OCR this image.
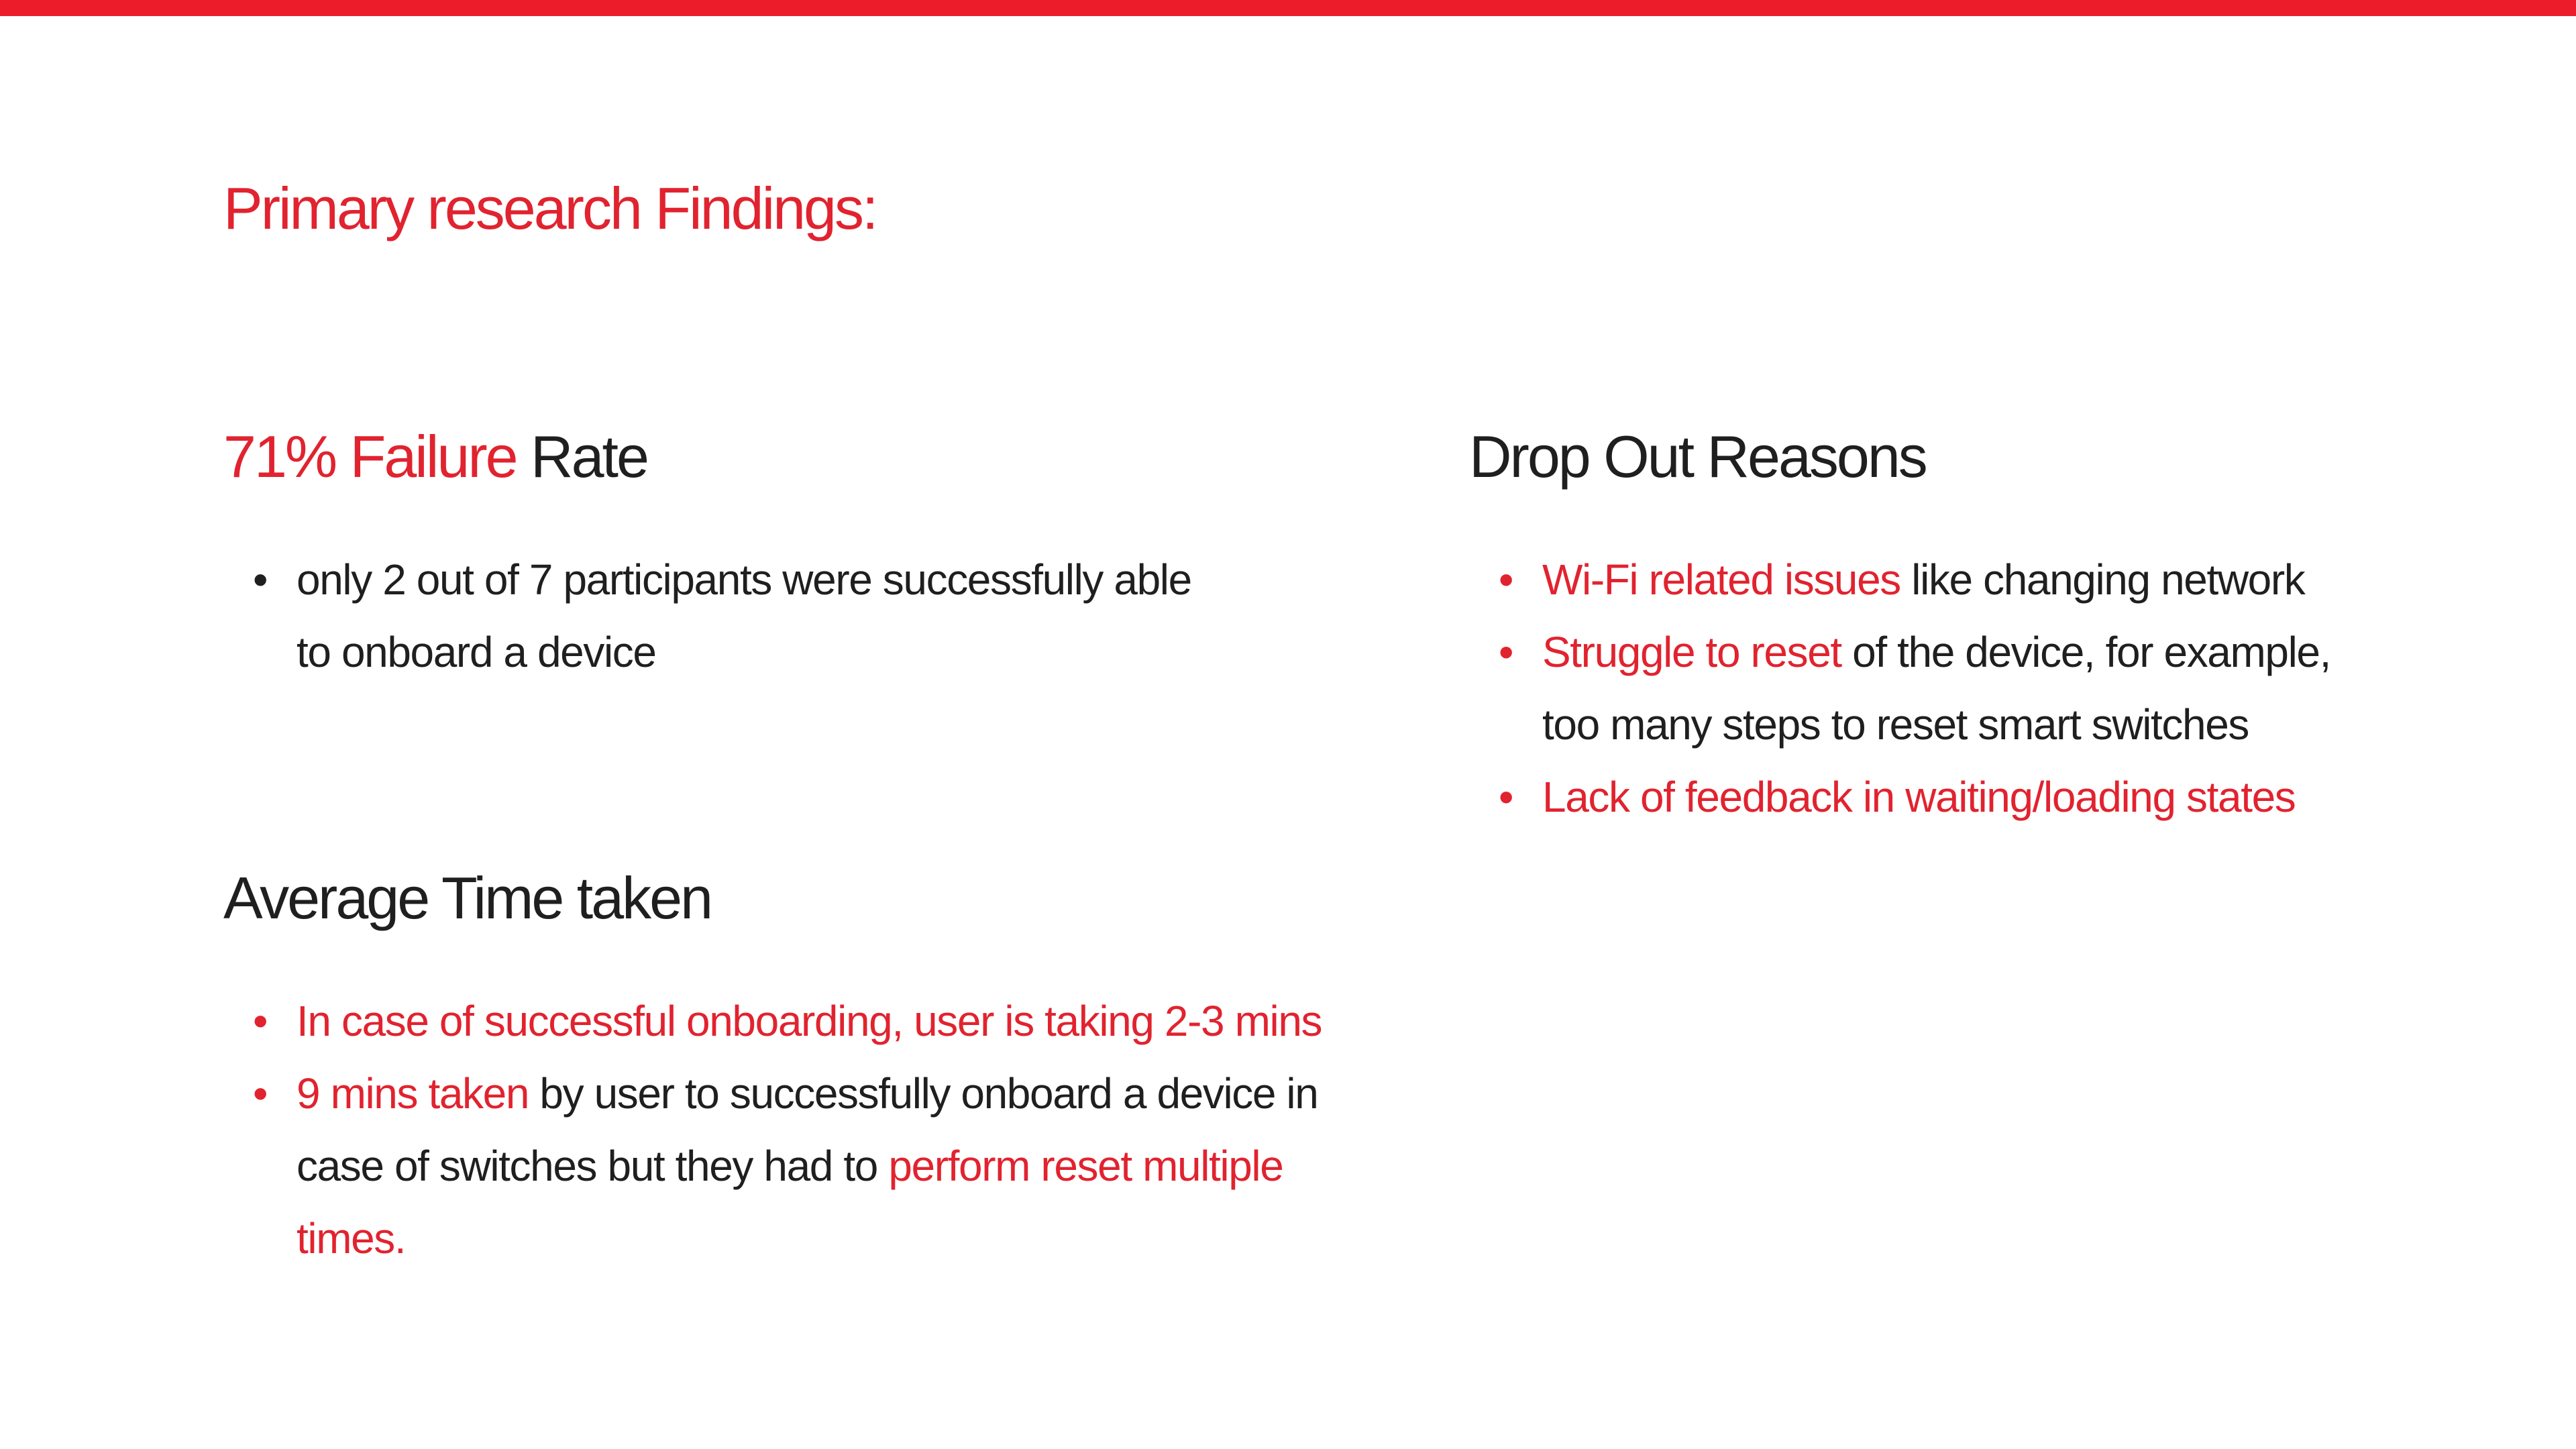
Primary research Findings:
71% Failure Rate
• only 2 out of 7 participants were successfully able
to onboard a device
Average Time taken
• In case of successful onboarding, user is taking 2-3 mins
• 9 mins taken by user to successfully onboard a device in
case of switches but they had to perform reset multiple
times.
Drop Out Reasons
• Wi-Fi related issues like changing network
• Struggle to reset of the device, for example,
too many steps to reset smart switches
• Lack of feedback in waiting/loading states
